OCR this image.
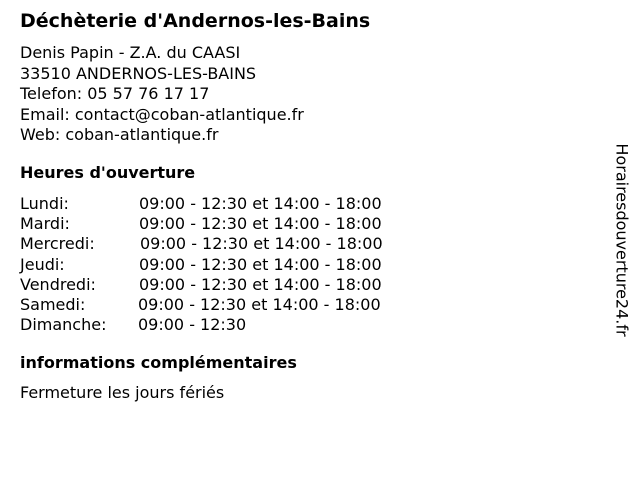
Déchèterie d'Andernos-les-Bains
Denis Papin - Z.A. du CAASI
33510 ANDERNOS-LES-BAINS
Telefon: 05 57 76 17 17
Email: contact@coban-atlantique.fr
Web: coban-atlantique.fr
Heures d'ouverture
Lundi:	09:00 - 12:30 et 14:00 - 18:00
Mardi:	09:00 - 12:30 et 14:00 - 18:00
Mercredi:	09:00 - 12:30 et 14:00 - 18:00
Jeudi:	09:00 - 12:30 et 14:00 - 18:00
Vendredi:	09:00 - 12:30 et 14:00 - 18:00
Samedi:	09:00 - 12:30 et 14:00 - 18:00
Dimanche: 09:00 - 12:30
informations complémentaires
Fermeture les jours fériés
Horairesdouverture24.fr
